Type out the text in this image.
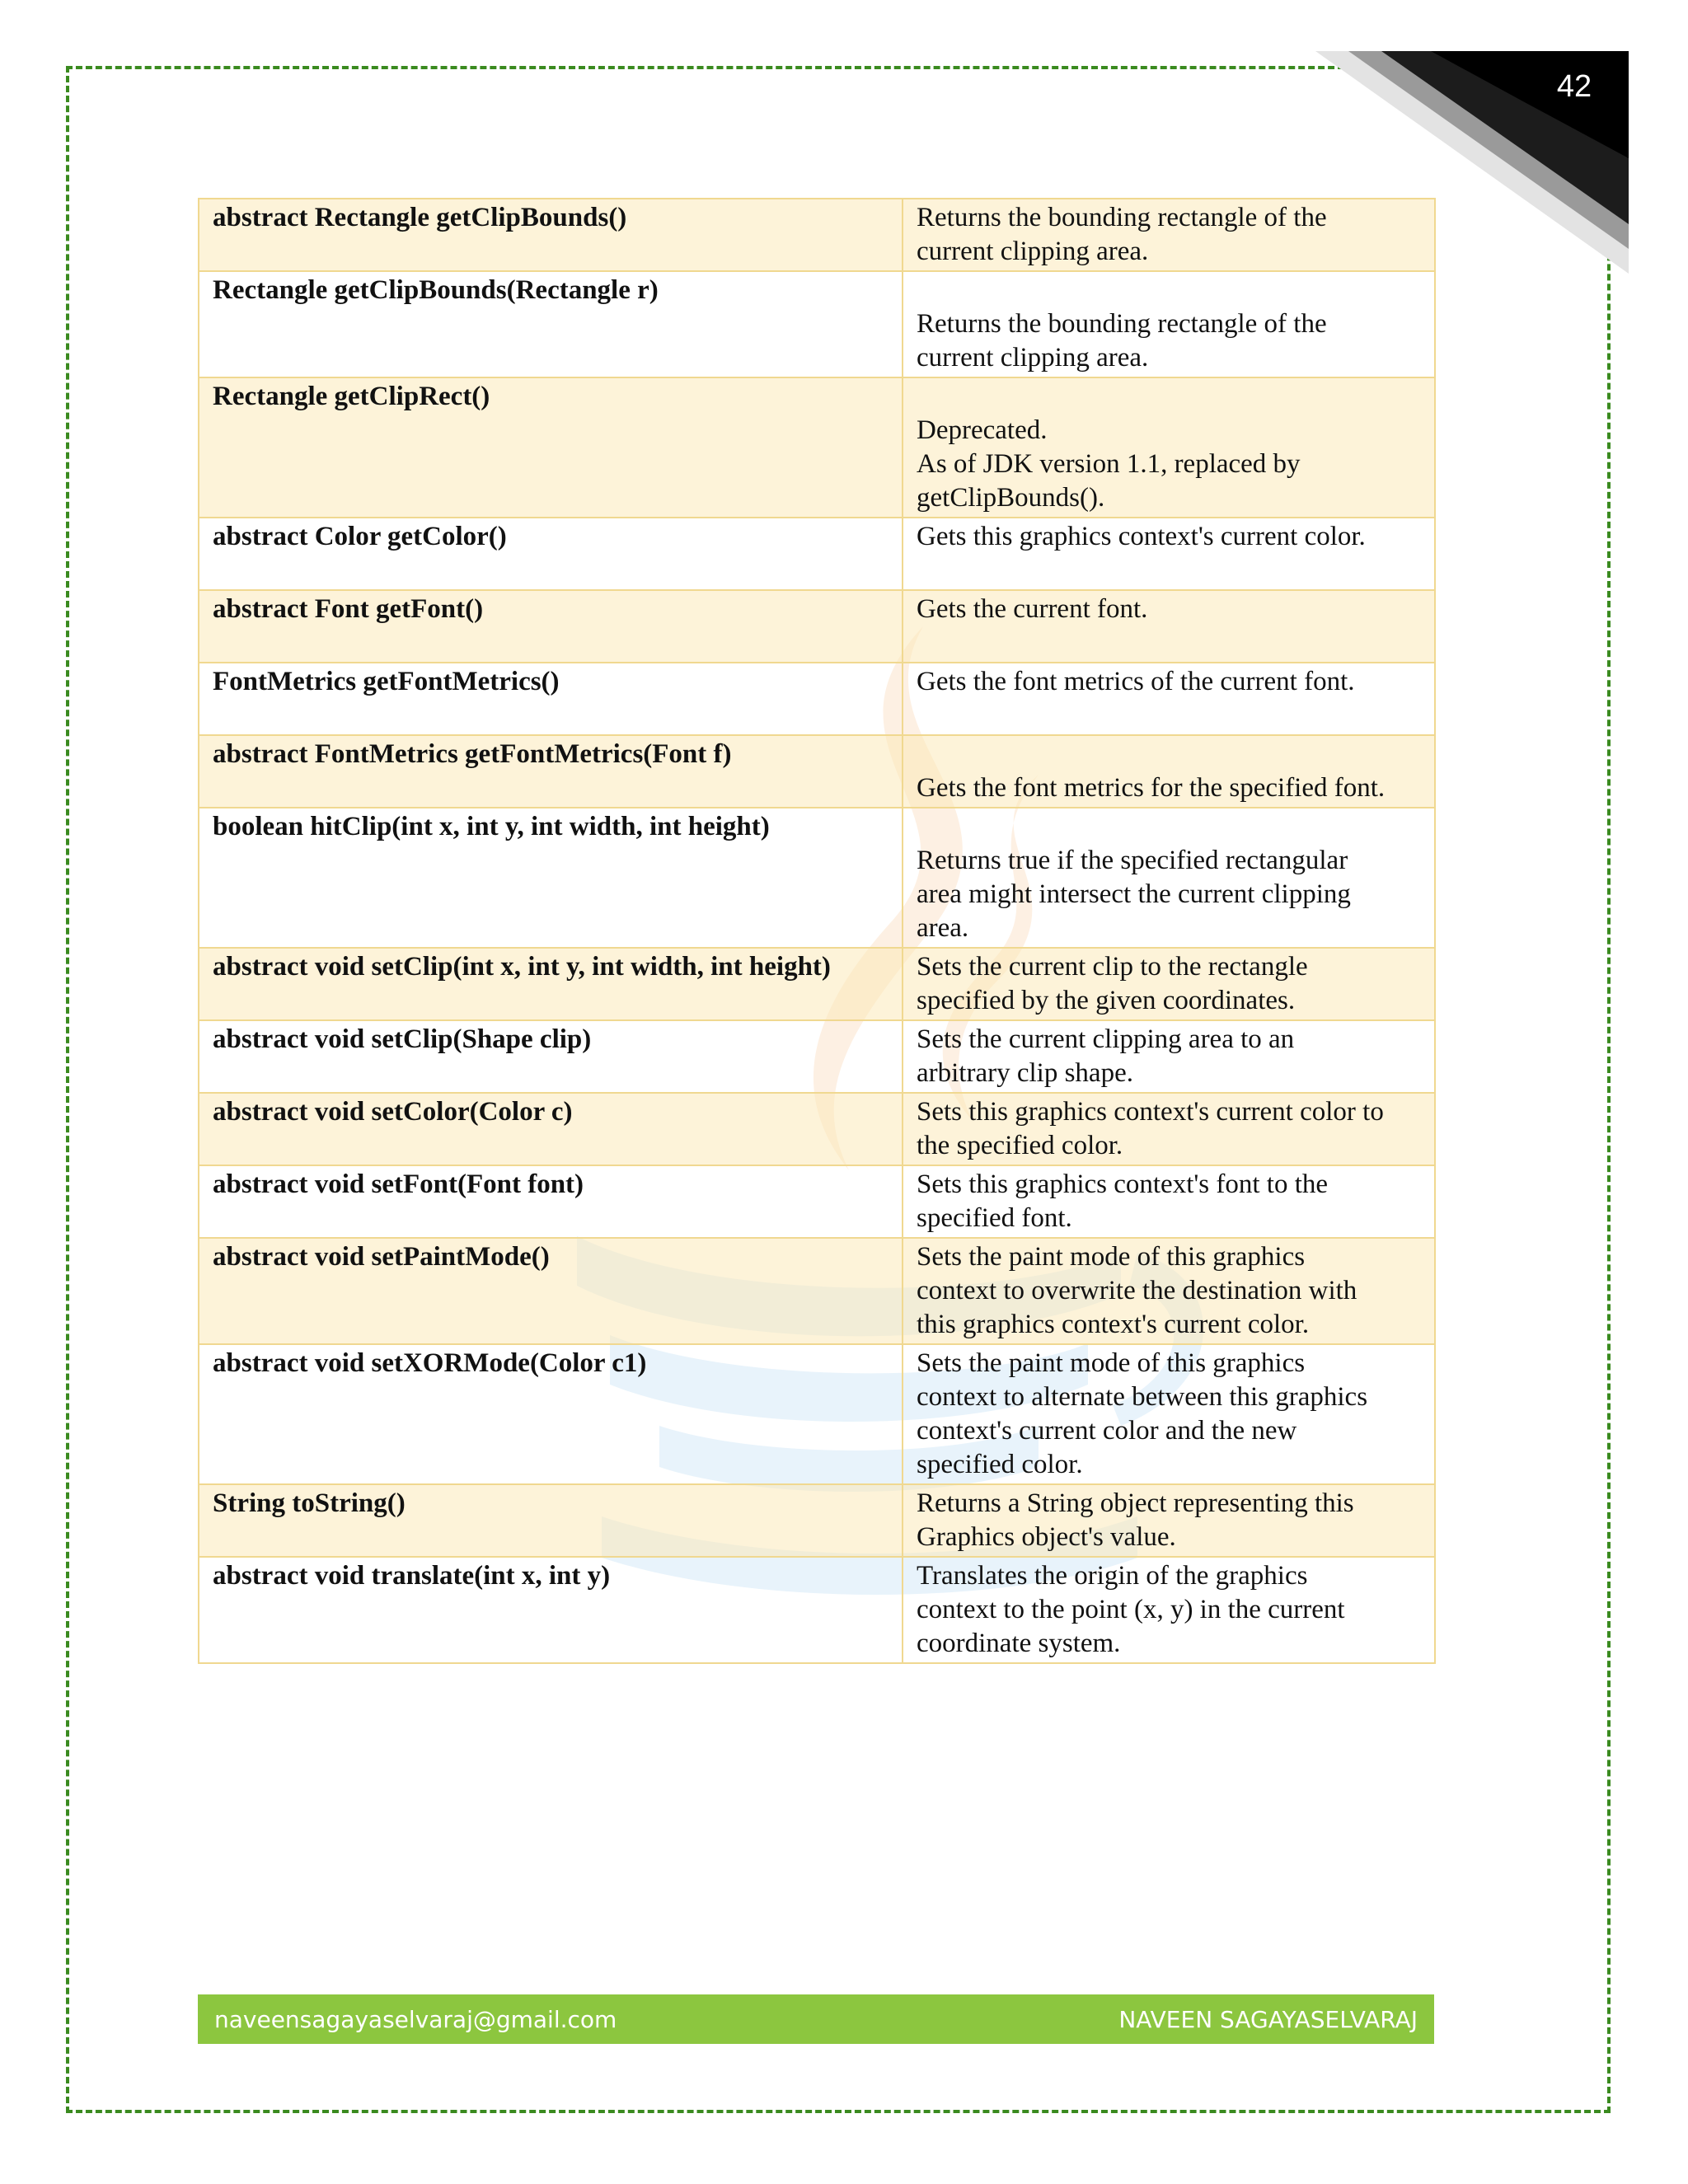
42
abstract Rectangle getClipBounds()	Returns the bounding rectangle of the
current clipping area.

Rectangle getClipBounds(Rectangle r)	Returns the bounding rectangle of the
current clipping area.

Rectangle getClipRect()	Deprecated.
As of JDK version 1.1, replaced by
getClipBounds().

abstract Color getColor()	Gets this graphics context's current color.

abstract Font getFont()	Gets the current font.

FontMetrics getFontMetrics()	Gets the font metrics of the current font.

abstract FontMetrics getFontMetrics(Font f)	Gets the font metrics for the specified font.

boolean hitClip(int x, int y, int width, int height)	Returns true if the specified rectangular
area might intersect the current clipping
area.

abstract void setClip(int x, int y, int width, int height)	Sets the current clip to the rectangle
specified by the given coordinates.

abstract void setClip(Shape clip)	Sets the current clipping area to an
arbitrary clip shape.

abstract void setColor(Color c)	Sets this graphics context's current color to
the specified color.

abstract void setFont(Font font)	Sets this graphics context's font to the
specified font.

abstract void setPaintMode()	Sets the paint mode of this graphics
context to overwrite the destination with
this graphics context's current color.

abstract void setXORMode(Color c1)	Sets the paint mode of this graphics
context to alternate between this graphics
context's current color and the new
specified color.

String toString()	Returns a String object representing this
Graphics object's value.

abstract void translate(int x, int y)	Translates the origin of the graphics
context to the point (x, y) in the current
coordinate system.
naveensagayaselvaraj@gmail.com	NAVEEN SAGAYASELVARAJ
